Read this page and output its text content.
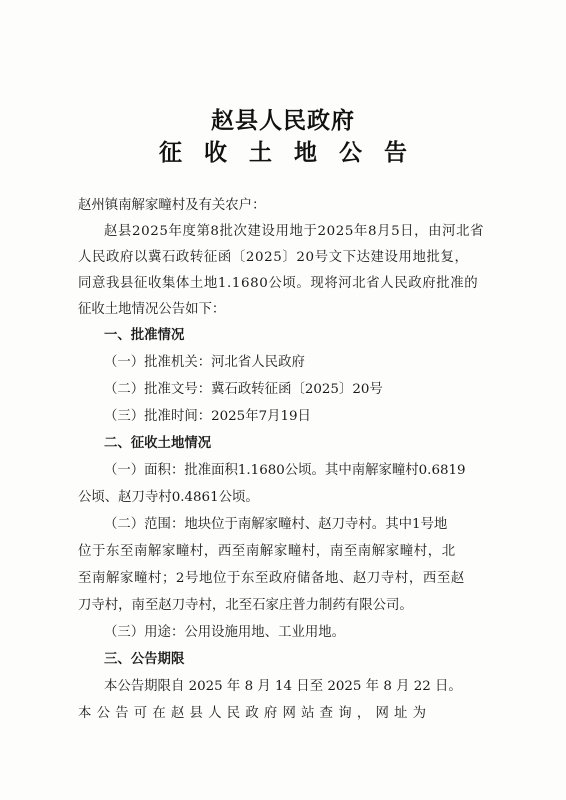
赵县人民政府
征收土地公告
赵州镇南解家疃村及有关农户：
赵县2025年度第8批次建设用地于2025年8月5日，由河北省
人民政府以冀石政转征函〔2025〕20号文下达建设用地批复，
同意我县征收集体土地1.1680公顷。现将河北省人民政府批准的
征收土地情况公告如下：
一、批准情况
（一）批准机关：河北省人民政府
（二）批准文号：冀石政转征函〔2025〕20号
（三）批准时间：2025年7月19日
二、征收土地情况
（一）面积：批准面积1.1680公顷。其中南解家疃村0.6819
公顷、赵刀寺村0.4861公顷。
（二）范围：地块位于南解家疃村、赵刀寺村。其中1号地
位于东至南解家疃村，西至南解家疃村，南至南解家疃村，北
至南解家疃村；2号地位于东至政府储备地、赵刀寺村，西至赵
刀寺村，南至赵刀寺村，北至石家庄普力制药有限公司。
（三）用途：公用设施用地、工业用地。
三、公告期限
本公告期限自 2025 年 8 月 14 日至 2025 年 8 月 22 日。
本公告可在赵县人民政府网站查询，网址为
